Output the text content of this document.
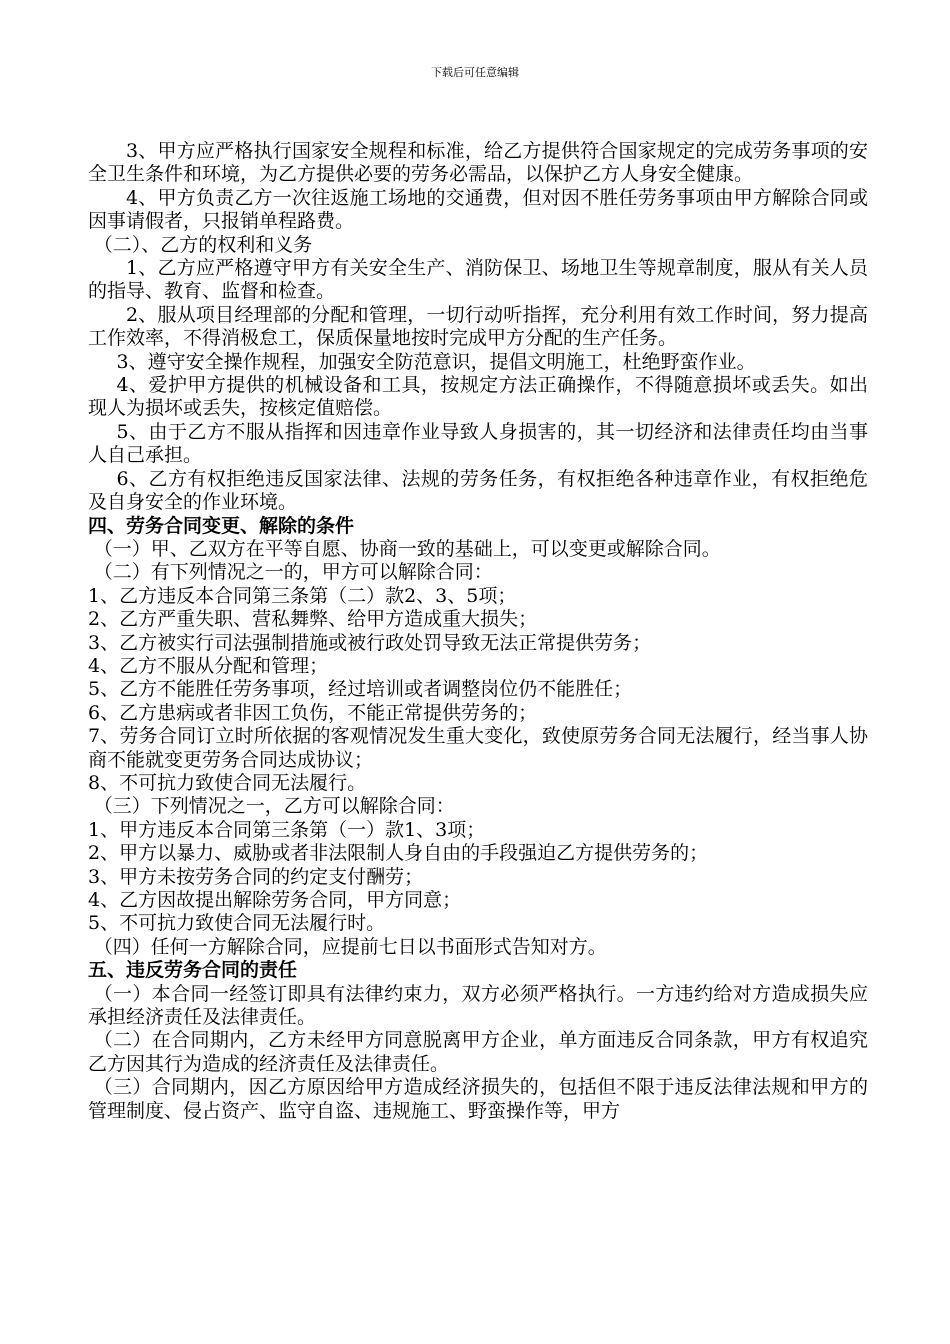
下载后可任意编辑

3、甲方应严格执行国家安全规程和标准，给乙方提供符合国家规定的完成劳务事项的安全卫生条件和环境，为乙方提供必要的劳务必需品，以保护乙方人身安全健康。

4、甲方负责乙方一次往返施工场地的交通费，但对因不胜任劳务事项由甲方解除合同或因事请假者，只报销单程路费。

（二）、乙方的权利和义务

1、乙方应严格遵守甲方有关安全生产、消防保卫、场地卫生等规章制度，服从有关人员的指导、教育、监督和检查。

2、服从项目经理部的分配和管理，一切行动听指挥，充分利用有效工作时间，努力提高工作效率，不得消极怠工，保质保量地按时完成甲方分配的生产任务。

3、遵守安全操作规程，加强安全防范意识，提倡文明施工，杜绝野蛮作业。

4、爱护甲方提供的机械设备和工具，按规定方法正确操作，不得随意损坏或丢失。如出现人为损坏或丢失，按核定值赔偿。

5、由于乙方不服从指挥和因违章作业导致人身损害的，其一切经济和法律责任均由当事人自己承担。

6、乙方有权拒绝违反国家法律、法规的劳务任务，有权拒绝各种违章作业，有权拒绝危及自身安全的作业环境。

四、劳务合同变更、解除的条件

（一）甲、乙双方在平等自愿、协商一致的基础上，可以变更或解除合同。

（二）有下列情况之一的，甲方可以解除合同：

1、乙方违反本合同第三条第（二）款2、3、5项；

2、乙方严重失职、营私舞弊、给甲方造成重大损失；

3、乙方被实行司法强制措施或被行政处罚导致无法正常提供劳务；

4、乙方不服从分配和管理；

5、乙方不能胜任劳务事项，经过培训或者调整岗位仍不能胜任；

6、乙方患病或者非因工负伤，不能正常提供劳务的；

7、劳务合同订立时所依据的客观情况发生重大变化，致使原劳务合同无法履行，经当事人协商不能就变更劳务合同达成协议；

8、不可抗力致使合同无法履行。

（三）下列情况之一，乙方可以解除合同：

1、甲方违反本合同第三条第（一）款1、3项；

2、甲方以暴力、威胁或者非法限制人身自由的手段强迫乙方提供劳务的；

3、甲方未按劳务合同的约定支付酬劳；

4、乙方因故提出解除劳务合同，甲方同意；

5、不可抗力致使合同无法履行时。

（四）任何一方解除合同，应提前七日以书面形式告知对方。

五、违反劳务合同的责任

（一）本合同一经签订即具有法律约束力，双方必须严格执行。一方违约给对方造成损失应承担经济责任及法律责任。

（二）在合同期内，乙方未经甲方同意脱离甲方企业，单方面违反合同条款，甲方有权追究乙方因其行为造成的经济责任及法律责任。

（三）合同期内，因乙方原因给甲方造成经济损失的，包括但不限于违反法律法规和甲方的管理制度、侵占资产、监守自盗、违规施工、野蛮操作等，甲方
